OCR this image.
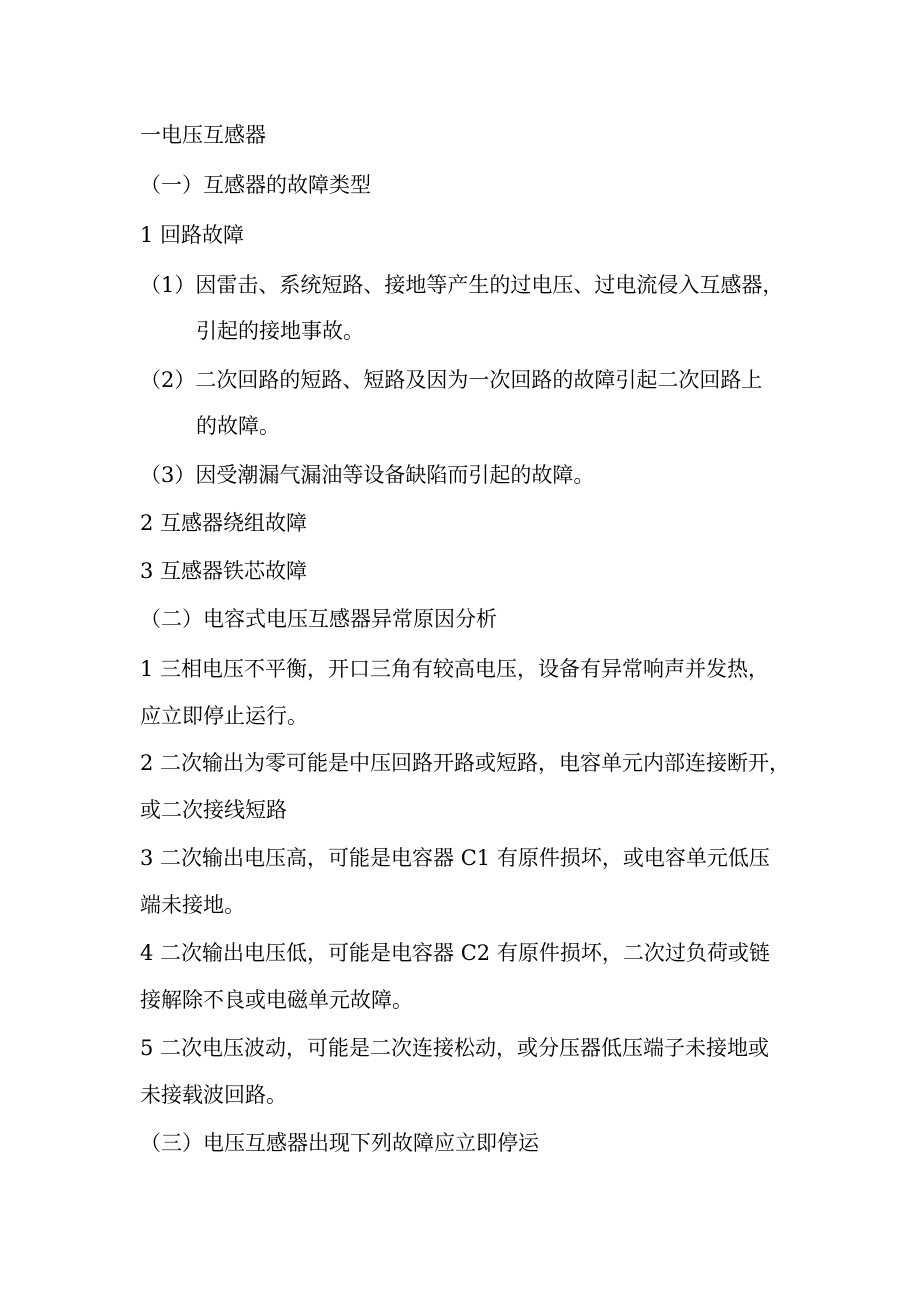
一电压互感器
（一）互感器的故障类型
1 回路故障
（1）因雷击、系统短路、接地等产生的过电压、过电流侵入互感器，
引起的接地事故。
（2）二次回路的短路、短路及因为一次回路的故障引起二次回路上
的故障。
（3）因受潮漏气漏油等设备缺陷而引起的故障。
2 互感器绕组故障
3 互感器铁芯故障
（二）电容式电压互感器异常原因分析
1 三相电压不平衡，开口三角有较高电压，设备有异常响声并发热，
应立即停止运行。
2 二次输出为零可能是中压回路开路或短路，电容单元内部连接断开，
或二次接线短路
3 二次输出电压高，可能是电容器 C1 有原件损坏，或电容单元低压
端未接地。
4 二次输出电压低，可能是电容器 C2 有原件损坏，二次过负荷或链
接解除不良或电磁单元故障。
5 二次电压波动，可能是二次连接松动，或分压器低压端子未接地或
未接载波回路。
（三）电压互感器出现下列故障应立即停运
